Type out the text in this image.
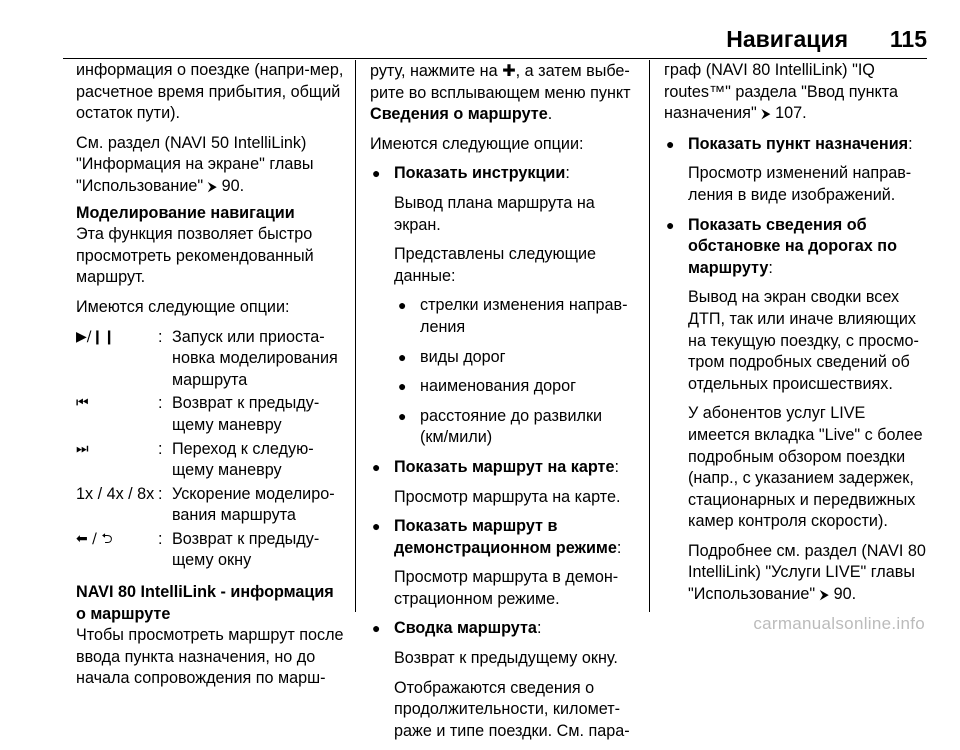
Навигация 115

информация о поездке (напри-мер, расчетное время прибытия, общий остаток пути).

См. раздел (NAVI 50 IntelliLink) "Информация на экране" главы "Использование" ⮞ 90.

Моделирование навигации

Эта функция позволяет быстро просмотреть рекомендованный маршрут.

Имеются следующие опции:

▶/❙❙	: Запуск или приоста-новка моделирования маршрута
⏮	: Возврат к предыду-щему маневру
⏭	: Переход к следую-щему маневру
1x / 4x / 8x : Ускорение моделиро-вания маршрута
⬅ / ⮌	: Возврат к предыду-щему окну
NAVI 80 IntelliLink - информация о маршруте

Чтобы просмотреть маршрут после ввода пункта назначения, но до начала сопровождения по марш-

руту, нажмите на ✚, а затем выбе-рите во всплывающем меню пункт Сведения о маршруте.

Имеются следующие опции:

● Показать инструкции:

Вывод плана маршрута на экран.

Представлены следующие данные:

● стрелки изменения направ-ления
● виды дорог
● наименования дорог
● расстояние до развилки (км/мили)
● Показать маршрут на карте:

Просмотр маршрута на карте.

● Показать маршрут в демонстрационном режиме:

Просмотр маршрута в демон-страционном режиме.

● Сводка маршрута:

Возврат к предыдущему окну.

Отображаются сведения о продолжительности, километ-раже и типе поездки. См. пара-

граф (NAVI 80 IntelliLink) "IQ routes™" раздела "Ввод пункта назначения" ⮞ 107.

● Показать пункт назначения:

Просмотр изменений направ-ления в виде изображений.

● Показать сведения об обстановке на дорогах по маршруту:

Вывод на экран сводки всех ДТП, так или иначе влияющих на текущую поездку, с просмо-тром подробных сведений об отдельных происшествиях.

У абонентов услуг LIVE имеется вкладка "Live" с более подробным обзором поездки (напр., с указанием задержек, стационарных и передвижных камер контроля скорости).

Подробнее см. раздел (NAVI 80 IntelliLink) "Услуги LIVE" главы "Использование" ⮞ 90.

carmanualsonline.info
